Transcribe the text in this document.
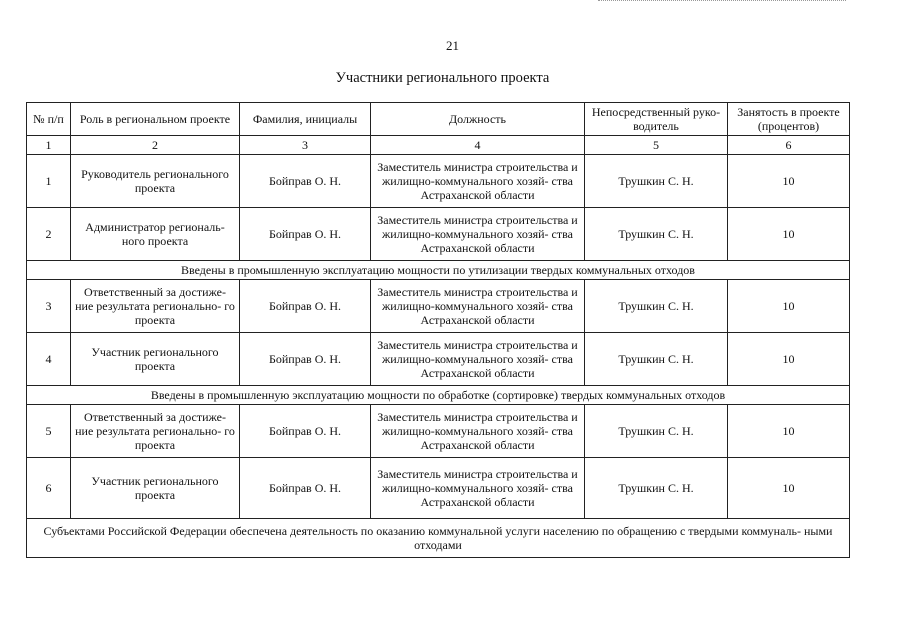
21
Участники регионального проекта
№ п/п	Роль в региональном проекте	Фамилия, инициалы	Должность	Непосредственный руко- водитель	Занятость в проекте (процентов)
1	2	3	4	5	6
1	Руководитель регионального проекта	Бойправ О. Н.	Заместитель министра строительства и жилищно-коммунального хозяй- ства Астраханской области	Трушкин С. Н.	10
2	Администратор региональ- ного проекта	Бойправ О. Н.	Заместитель министра строительства и жилищно-коммунального хозяй- ства Астраханской области	Трушкин С. Н.	10
Введены в промышленную эксплуатацию мощности по утилизации твердых коммунальных отходов					
3	Ответственный за достиже- ние результата регионально- го проекта	Бойправ О. Н.	Заместитель министра строительства и жилищно-коммунального хозяй- ства Астраханской области	Трушкин С. Н.	10
4	Участник регионального проекта	Бойправ О. Н.	Заместитель министра строительства и жилищно-коммунального хозяй- ства Астраханской области	Трушкин С. Н.	10
Введены в промышленную эксплуатацию мощности по обработке (сортировке) твердых коммунальных отходов					
5	Ответственный за достиже- ние результата регионально- го проекта	Бойправ О. Н.	Заместитель министра строительства и жилищно-коммунального хозяй- ства Астраханской области	Трушкин С. Н.	10
6	Участник регионального проекта	Бойправ О. Н.	Заместитель министра строительства и жилищно-коммунального хозяй- ства Астраханской области	Трушкин С. Н.	10
Субъектами Российской Федерации обеспечена деятельность по оказанию коммунальной услуги населению по обращению с твердыми коммуналь- ными отходами					
